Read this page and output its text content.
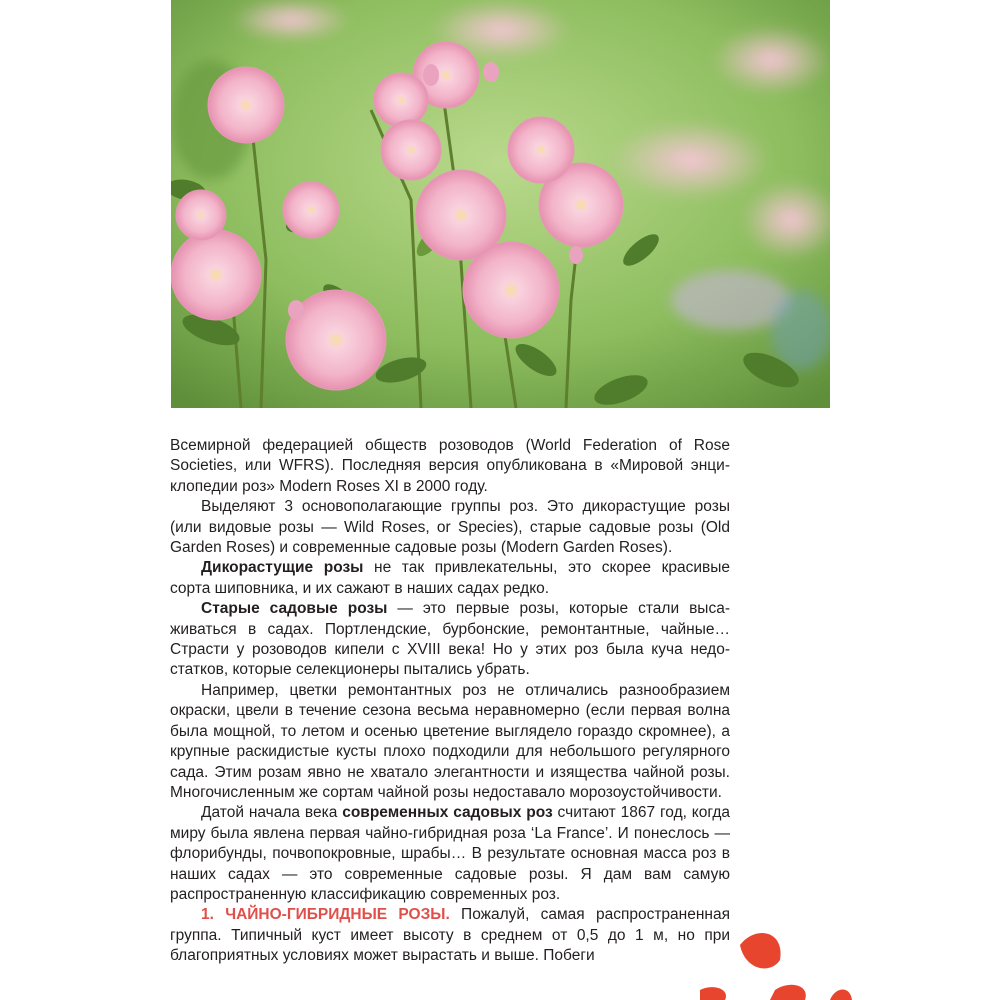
Всемирной федерацией обществ розоводов (World Federation of Rose Societies, или WFRS). Последняя версия опубликована в «Мировой энциклопедии роз» Modern Roses XI в 2000 году.

Выделяют 3 основополагающие группы роз. Это дикорастущие розы (или видовые розы — Wild Roses, or Species), старые садовые розы (Old Garden Roses) и современные садовые розы (Modern Garden Roses).

Дикорастущие розы не так привлекательны, это скорее красивые сорта шиповника, и их сажают в наших садах редко.

Старые садовые розы — это первые розы, которые стали высаживаться в садах. Портлендские, бурбонские, ремонтантные, чайные… Страсти у розоводов кипели с XVIII века! Но у этих роз была куча недостатков, которые селекционеры пытались убрать.

Например, цветки ремонтантных роз не отличались разнообразием окраски, цвели в течение сезона весьма неравномерно (если первая волна была мощной, то летом и осенью цветение выглядело гораздо скромнее), а крупные раскидистые кусты плохо подходили для небольшого регулярного сада. Этим розам явно не хватало элегантности и изящества чайной розы. Многочисленным же сортам чайной розы недоставало морозоустойчивости.

Датой начала века современных садовых роз считают 1867 год, когда миру была явлена первая чайно-гибридная роза ‘La France’. И понеслось — флорибунды, почвопокровные, шрабы… В результате основная масса роз в наших садах — это современные садовые розы. Я дам вам самую распространенную классификацию современных роз.

1. ЧАЙНО-ГИБРИДНЫЕ РОЗЫ. Пожалуй, самая распространенная группа. Типичный куст имеет высоту в среднем от 0,5 до 1 м, но при благоприятных условиях может вырастать и выше. Побеги
